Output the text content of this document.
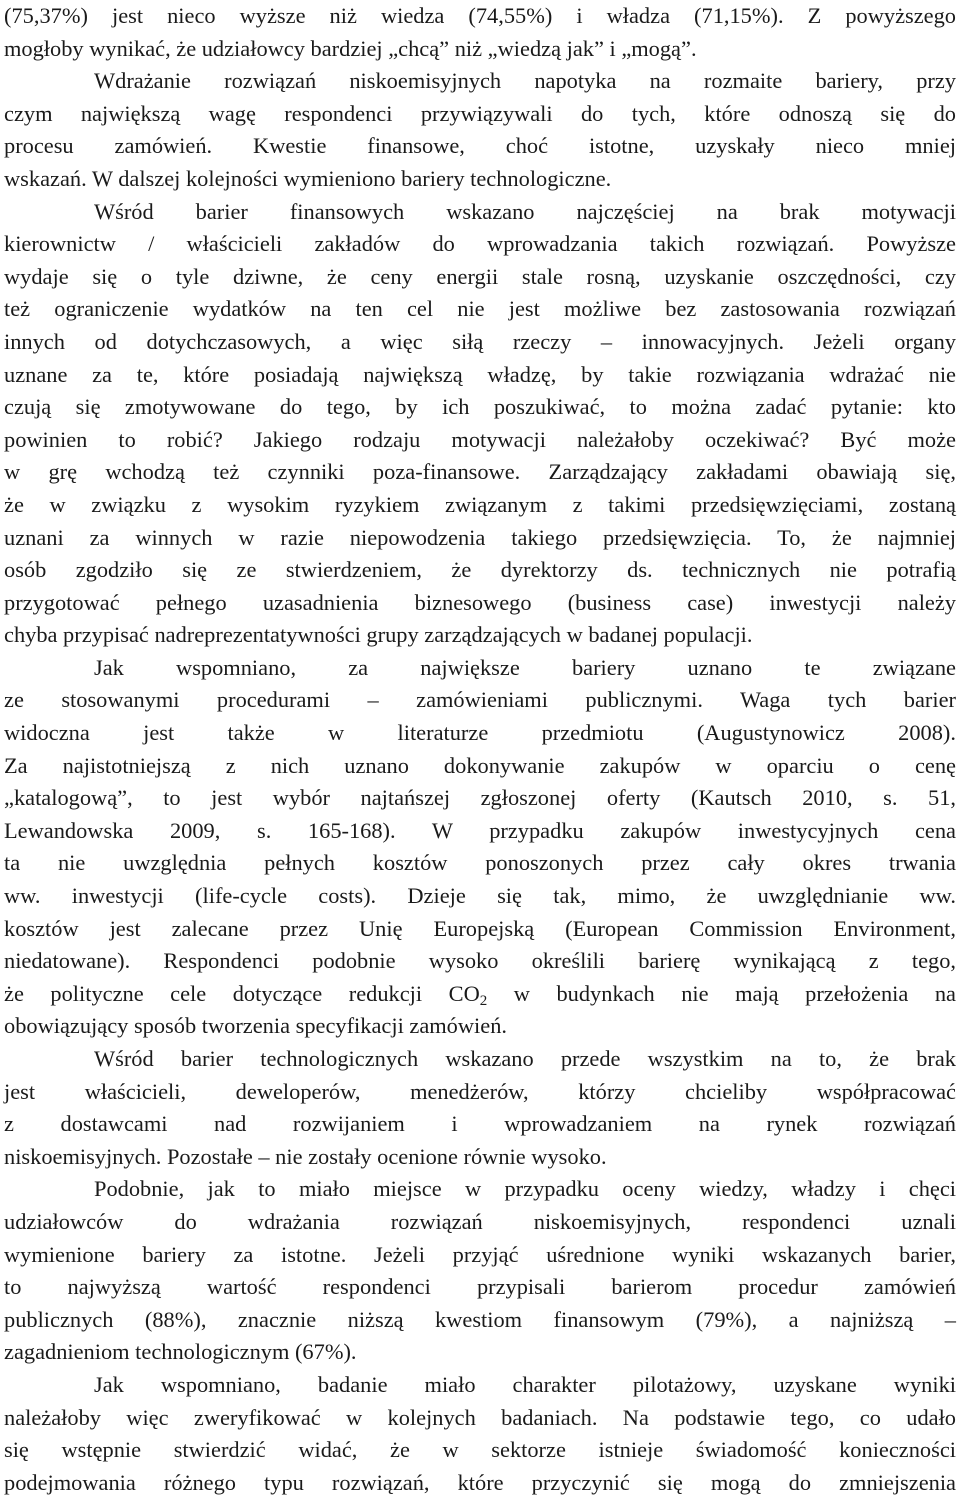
(75,37%) jest nieco wyższe niż wiedza (74,55%) i władza (71,15%). Z powyższego
mogłoby wynikać, że udziałowcy bardziej „chcą” niż „wiedzą jak” i „mogą”.
Wdrażanie rozwiązań niskoemisyjnych napotyka na rozmaite bariery, przy
czym największą wagę respondenci przywiązywali do tych, które odnoszą się do
procesu zamówień. Kwestie finansowe, choć istotne, uzyskały nieco mniej
wskazań. W dalszej kolejności wymieniono bariery technologiczne.
Wśród barier finansowych wskazano najczęściej na brak motywacji
kierownictw / właścicieli zakładów do wprowadzania takich rozwiązań. Powyższe
wydaje się o tyle dziwne, że ceny energii stale rosną, uzyskanie oszczędności, czy
też ograniczenie wydatków na ten cel nie jest możliwe bez zastosowania rozwiązań
innych od dotychczasowych, a więc siłą rzeczy – innowacyjnych. Jeżeli organy
uznane za te, które posiadają największą władzę, by takie rozwiązania wdrażać nie
czują się zmotywowane do tego, by ich poszukiwać, to można zadać pytanie: kto
powinien to robić? Jakiego rodzaju motywacji należałoby oczekiwać? Być może
w grę wchodzą też czynniki poza-finansowe. Zarządzający zakładami obawiają się,
że w związku z wysokim ryzykiem związanym z takimi przedsięwzięciami, zostaną
uznani za winnych w razie niepowodzenia takiego przedsięwzięcia. To, że najmniej
osób zgodziło się ze stwierdzeniem, że dyrektorzy ds. technicznych nie potrafią
przygotować pełnego uzasadnienia biznesowego (business case) inwestycji należy
chyba przypisać nadreprezentatywności grupy zarządzających w badanej populacji.
Jak wspomniano, za największe bariery uznano te związane
ze stosowanymi procedurami – zamówieniami publicznymi. Waga tych barier
widoczna jest także w literaturze przedmiotu (Augustynowicz 2008).
Za najistotniejszą z nich uznano dokonywanie zakupów w oparciu o cenę
„katalogową”, to jest wybór najtańszej zgłoszonej oferty (Kautsch 2010, s. 51,
Lewandowska 2009, s. 165-168). W przypadku zakupów inwestycyjnych cena
ta nie uwzględnia pełnych kosztów ponoszonych przez cały okres trwania
ww. inwestycji (life-cycle costs). Dzieje się tak, mimo, że uwzględnianie ww.
kosztów jest zalecane przez Unię Europejską (European Commission Environment,
niedatowane). Respondenci podobnie wysoko określili barierę wynikającą z tego,
że polityczne cele dotyczące redukcji $CO_2$ w budynkach nie mają przełożenia na
obowiązujący sposób tworzenia specyfikacji zamówień.
Wśród barier technologicznych wskazano przede wszystkim na to, że brak
jest właścicieli, deweloperów, menedżerów, którzy chcieliby współpracować
z dostawcami nad rozwijaniem i wprowadzaniem na rynek rozwiązań
niskoemisyjnych. Pozostałe – nie zostały ocenione równie wysoko.
Podobnie, jak to miało miejsce w przypadku oceny wiedzy, władzy i chęci
udziałowców do wdrażania rozwiązań niskoemisyjnych, respondenci uznali
wymienione bariery za istotne. Jeżeli przyjąć uśrednione wyniki wskazanych barier,
to najwyższą wartość respondenci przypisali barierom procedur zamówień
publicznych (88%), znacznie niższą kwestiom finansowym (79%), a najniższą –
zagadnieniom technologicznym (67%).
Jak wspomniano, badanie miało charakter pilotażowy, uzyskane wyniki
należałoby więc zweryfikować w kolejnych badaniach. Na podstawie tego, co udało
się wstępnie stwierdzić widać, że w sektorze istnieje świadomość konieczności
podejmowania różnego typu rozwiązań, które przyczynić się mogą do zmniejszenia
